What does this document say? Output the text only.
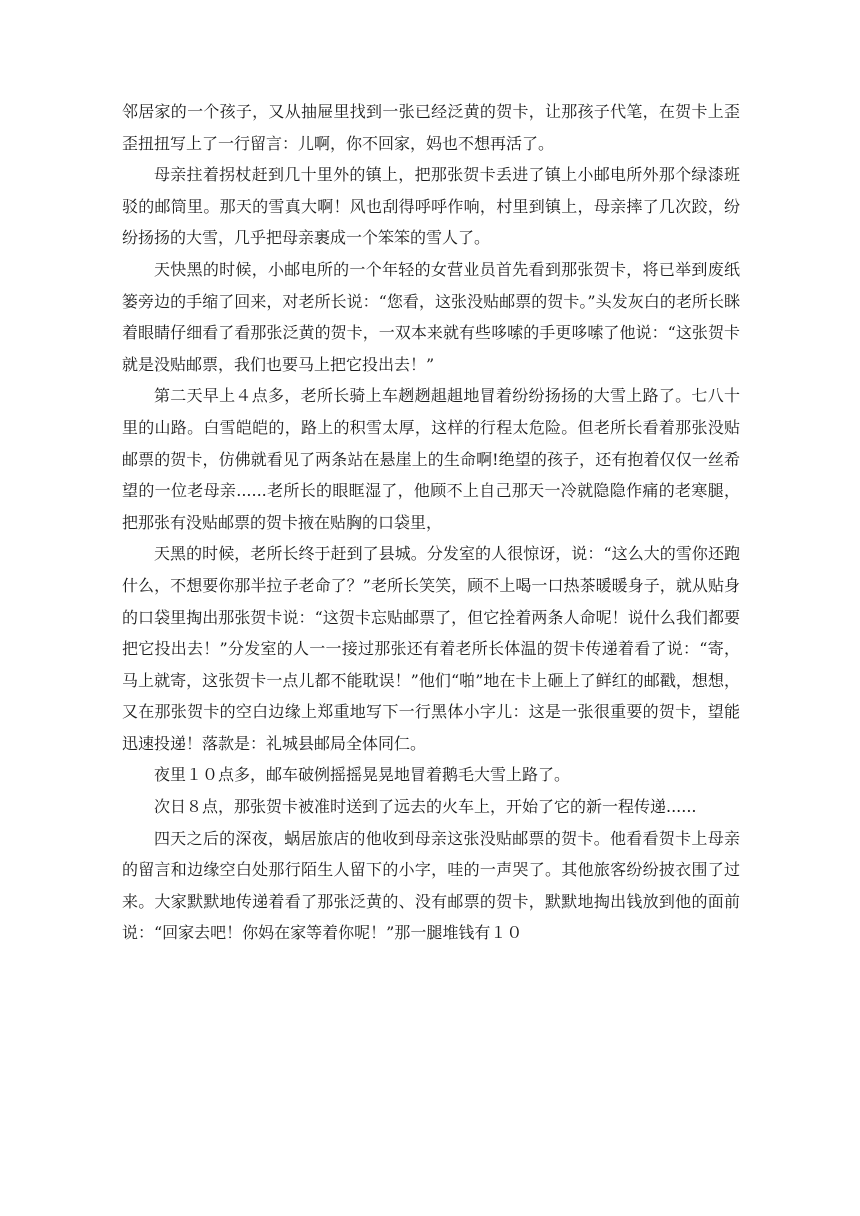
邻居家的一个孩子，又从抽屉里找到一张已经泛黄的贺卡，让那孩子代笔，在贺卡上歪歪扭扭写上了一行留言：儿啊，你不回家，妈也不想再活了。

母亲拄着拐杖赶到几十里外的镇上，把那张贺卡丢进了镇上小邮电所外那个绿漆班驳的邮筒里。那天的雪真大啊！风也刮得呼呼作响，村里到镇上，母亲摔了几次跤，纷纷扬扬的大雪，几乎把母亲裹成一个笨笨的雪人了。

天快黑的时候，小邮电所的一个年轻的女营业员首先看到那张贺卡，将已举到废纸篓旁边的手缩了回来，对老所长说：“您看，这张没贴邮票的贺卡。”头发灰白的老所长眯着眼睛仔细看了看那张泛黄的贺卡，一双本来就有些哆嗦的手更哆嗦了他说：“这张贺卡就是没贴邮票，我们也要马上把它投出去！”

第二天早上４点多，老所长骑上车趔趔趄趄地冒着纷纷扬扬的大雪上路了。七八十里的山路。白雪皑皑的，路上的积雪太厚，这样的行程太危险。但老所长看着那张没贴邮票的贺卡，仿佛就看见了两条站在悬崖上的生命啊!绝望的孩子，还有抱着仅仅一丝希望的一位老母亲......老所长的眼眶湿了，他顾不上自己那天一冷就隐隐作痛的老寒腿，把那张有没贴邮票的贺卡掖在贴胸的口袋里，

天黑的时候，老所长终于赶到了县城。分发室的人很惊讶，说：“这么大的雪你还跑什么，不想要你那半拉子老命了？”老所长笑笑，顾不上喝一口热茶暖暖身子，就从贴身的口袋里掏出那张贺卡说：“这贺卡忘贴邮票了，但它拴着两条人命呢！说什么我们都要把它投出去！”分发室的人一一接过那张还有着老所长体温的贺卡传递着看了说：“寄，马上就寄，这张贺卡一点儿都不能耽误！”他们“啪”地在卡上砸上了鲜红的邮戳，想想，又在那张贺卡的空白边缘上郑重地写下一行黑体小字儿：这是一张很重要的贺卡，望能迅速投递！落款是：礼城县邮局全体同仁。

夜里１０点多，邮车破例摇摇晃晃地冒着鹅毛大雪上路了。

次日８点，那张贺卡被准时送到了远去的火车上，开始了它的新一程传递......

四天之后的深夜，蜗居旅店的他收到母亲这张没贴邮票的贺卡。他看看贺卡上母亲的留言和边缘空白处那行陌生人留下的小字，哇的一声哭了。其他旅客纷纷披衣围了过来。大家默默地传递着看了那张泛黄的、没有邮票的贺卡，默默地掏出钱放到他的面前说：“回家去吧！你妈在家等着你呢！”那一腿堆钱有１０
